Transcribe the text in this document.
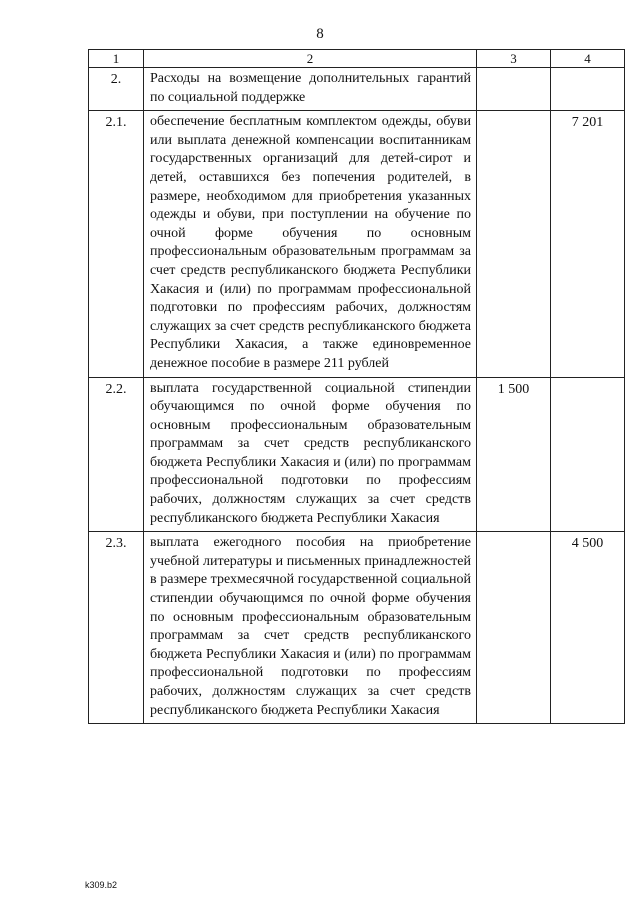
8
1	2	3	4
2.	Расходы на возмещение дополнительных гарантий по социальной поддержке		
2.1.	обеспечение бесплатным комплектом одежды, обуви или выплата денежной компенсации воспитанникам государственных организаций для детей-сирот и детей, оставшихся без попечения родителей, в размере, необходимом для приобретения указанных одежды и обуви, при поступлении на обучение по очной форме обучения по основным профессиональным образовательным программам за счет средств республиканского бюджета Республики Хакасия и (или) по программам профессиональной подготовки по профессиям рабочих, должностям служащих за счет средств республиканского бюджета Республики Хакасия, а также единовременное денежное пособие в размере 211 рублей		7 201
2.2.	выплата государственной социальной стипендии обучающимся по очной форме обучения по основным профессиональным образовательным программам за счет средств республиканского бюджета Республики Хакасия и (или) по программам профессиональной подготовки по профессиям рабочих, должностям служащих за счет средств республиканского бюджета Республики Хакасия	1 500	
2.3.	выплата ежегодного пособия на приобретение учебной литературы и письменных принадлежностей в размере трехмесячной государственной социальной стипендии обучающимся по очной форме обучения по основным профессиональным образовательным программам за счет средств республиканского бюджета Республики Хакасия и (или) по программам профессиональной подготовки по профессиям рабочих, должностям служащих за счет средств республиканского бюджета Республики Хакасия		4 500
k309.b2
